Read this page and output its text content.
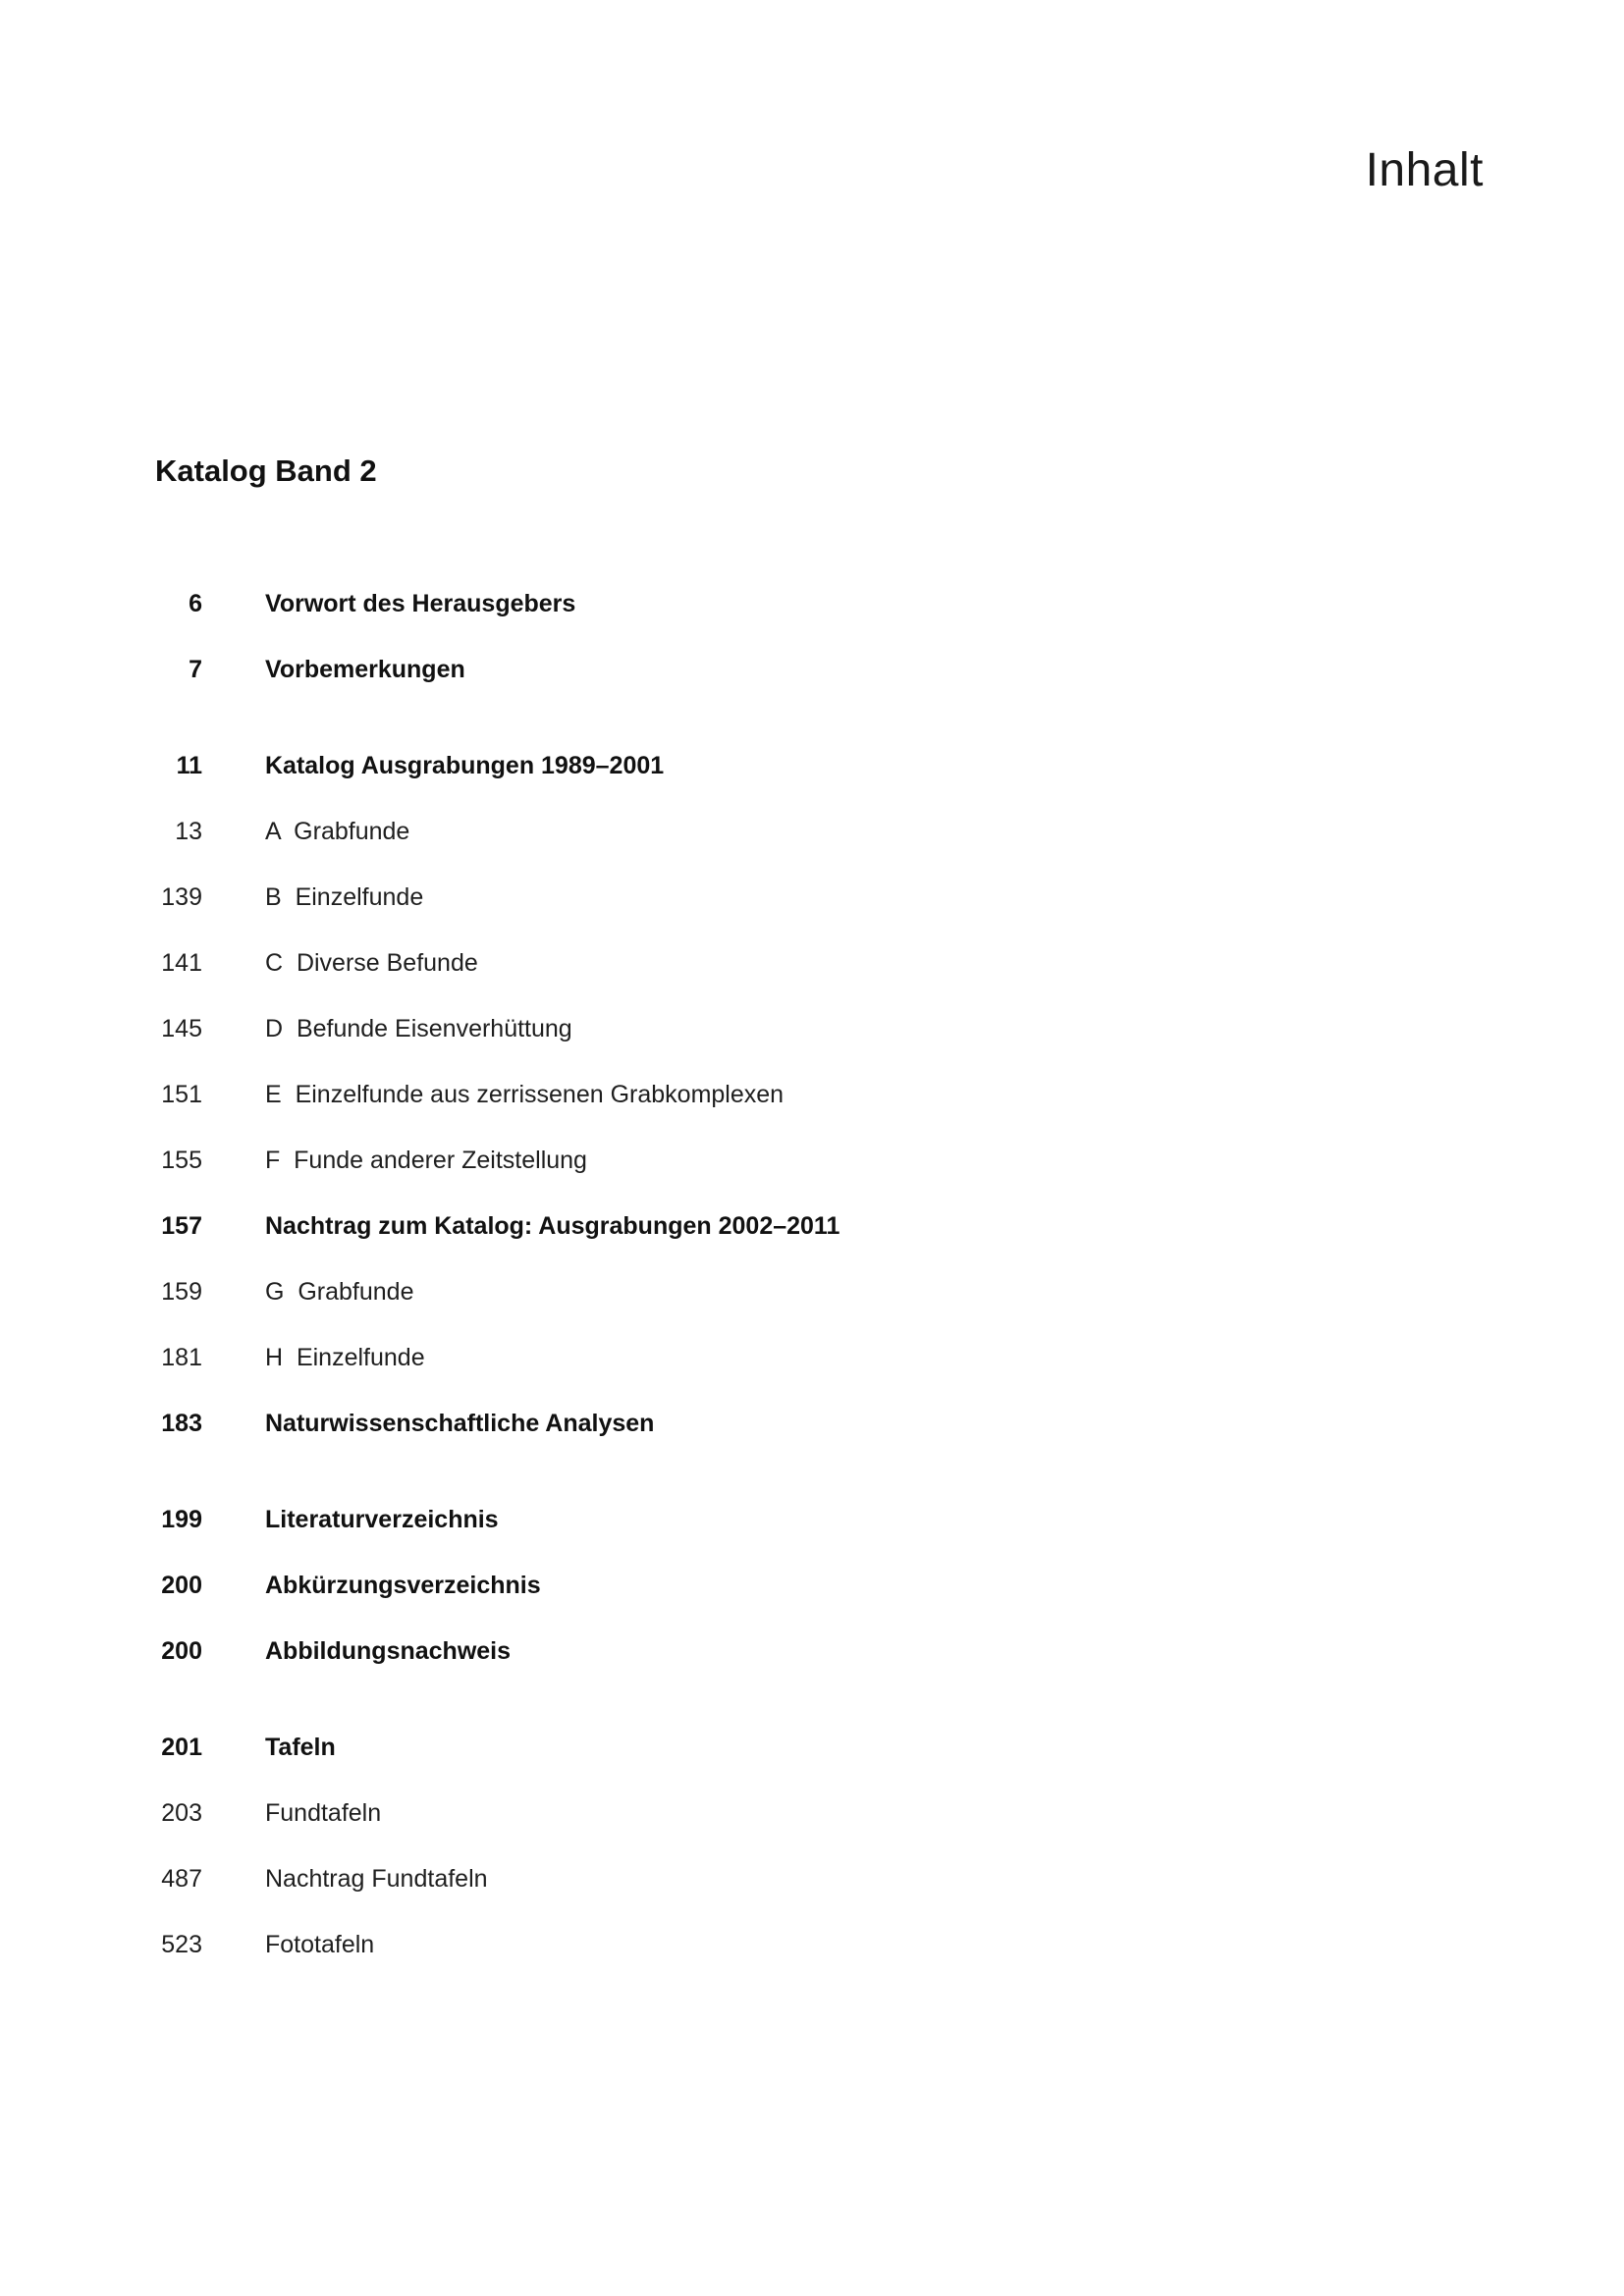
Inhalt
Katalog Band 2
6	Vorwort des Herausgebers
7	Vorbemerkungen
11	Katalog Ausgrabungen 1989–2001
13	A  Grabfunde
139	B  Einzelfunde
141	C  Diverse Befunde
145	D  Befunde Eisenverhüttung
151	E  Einzelfunde aus zerrissenen Grabkomplexen
155	F  Funde anderer Zeitstellung
157	Nachtrag zum Katalog: Ausgrabungen 2002–2011
159	G  Grabfunde
181	H  Einzelfunde
183	Naturwissenschaftliche Analysen
199	Literaturverzeichnis
200	Abkürzungsverzeichnis
200	Abbildungsnachweis
201	Tafeln
203	Fundtafeln
487	Nachtrag Fundtafeln
523	Fototafeln
